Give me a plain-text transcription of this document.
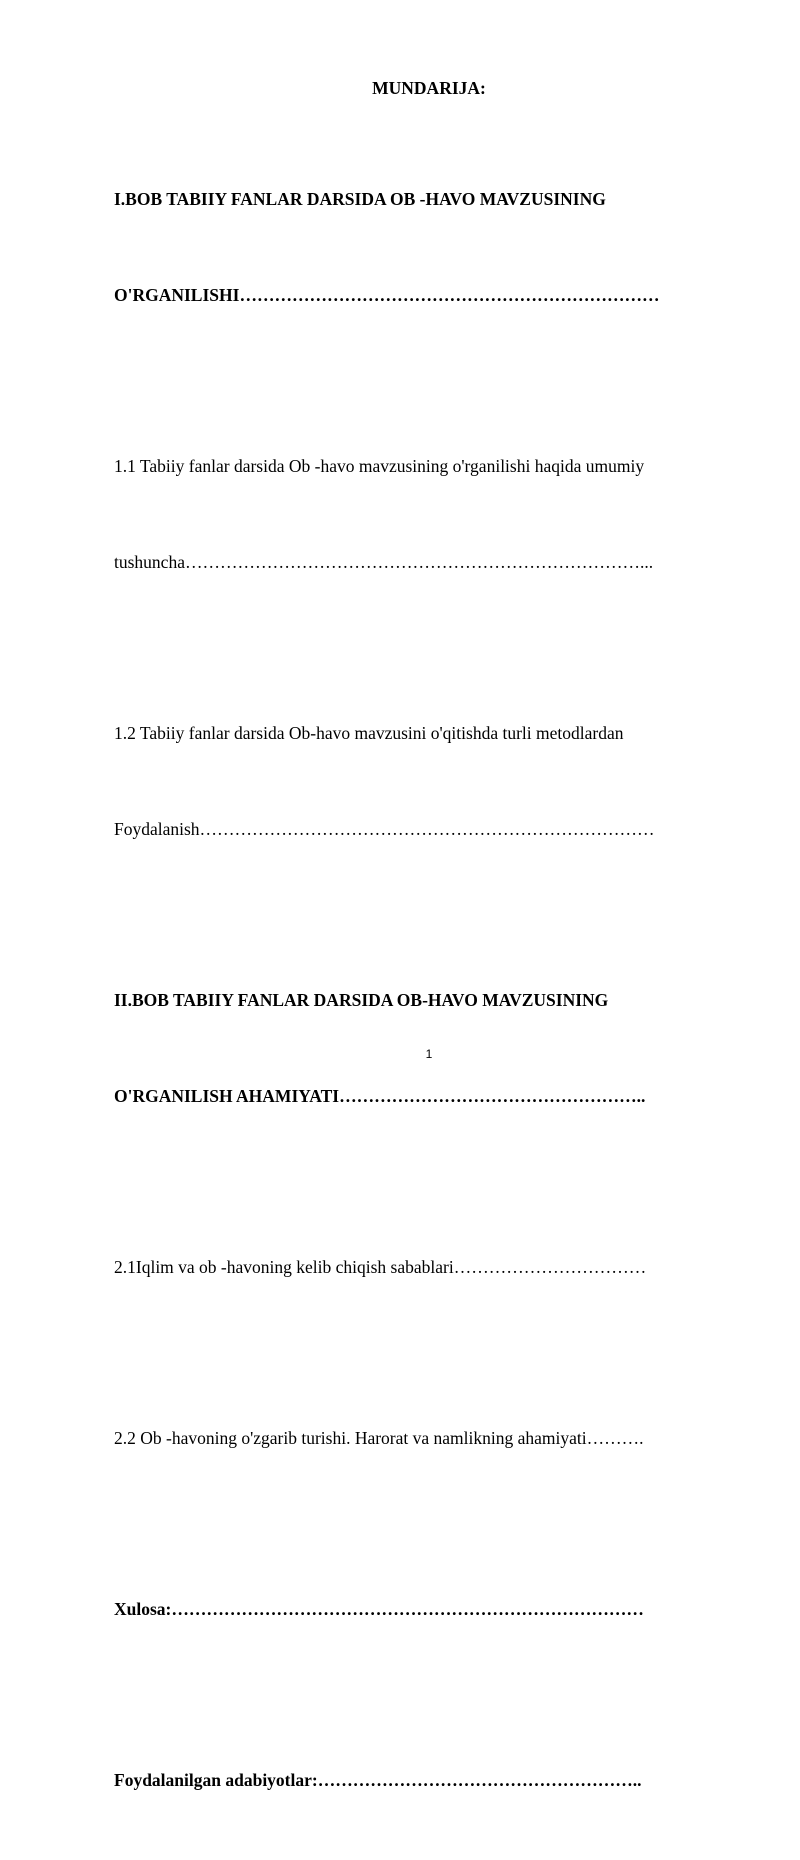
MUNDARIJA:

I.BOB TABIIY FANLAR DARSIDA OB -HAVO MAVZUSINING

O'RGANILISHI………………………………………………………………

1.1 Tabiiy fanlar darsida Ob -havo mavzusining o'rganilishi haqida umumiy

tushuncha……………………………………………………………………...

1.2 Tabiiy fanlar darsida Ob-havo mavzusini o'qitishda turli metodlardan

Foydalanish……………………………………………………………………

II.BOB TABIIY FANLAR DARSIDA OB-HAVO MAVZUSINING

O'RGANILISH AHAMIYATI……………………………………………..

2.1Iqlim va ob -havoning kelib chiqish sabablari……………………………

2.2 Ob -havoning o'zgarib turishi. Harorat va namlikning ahamiyati……….

Xulosa:………………………………………………………………………

Foydalanilgan adabiyotlar:………………………………………………..

1
